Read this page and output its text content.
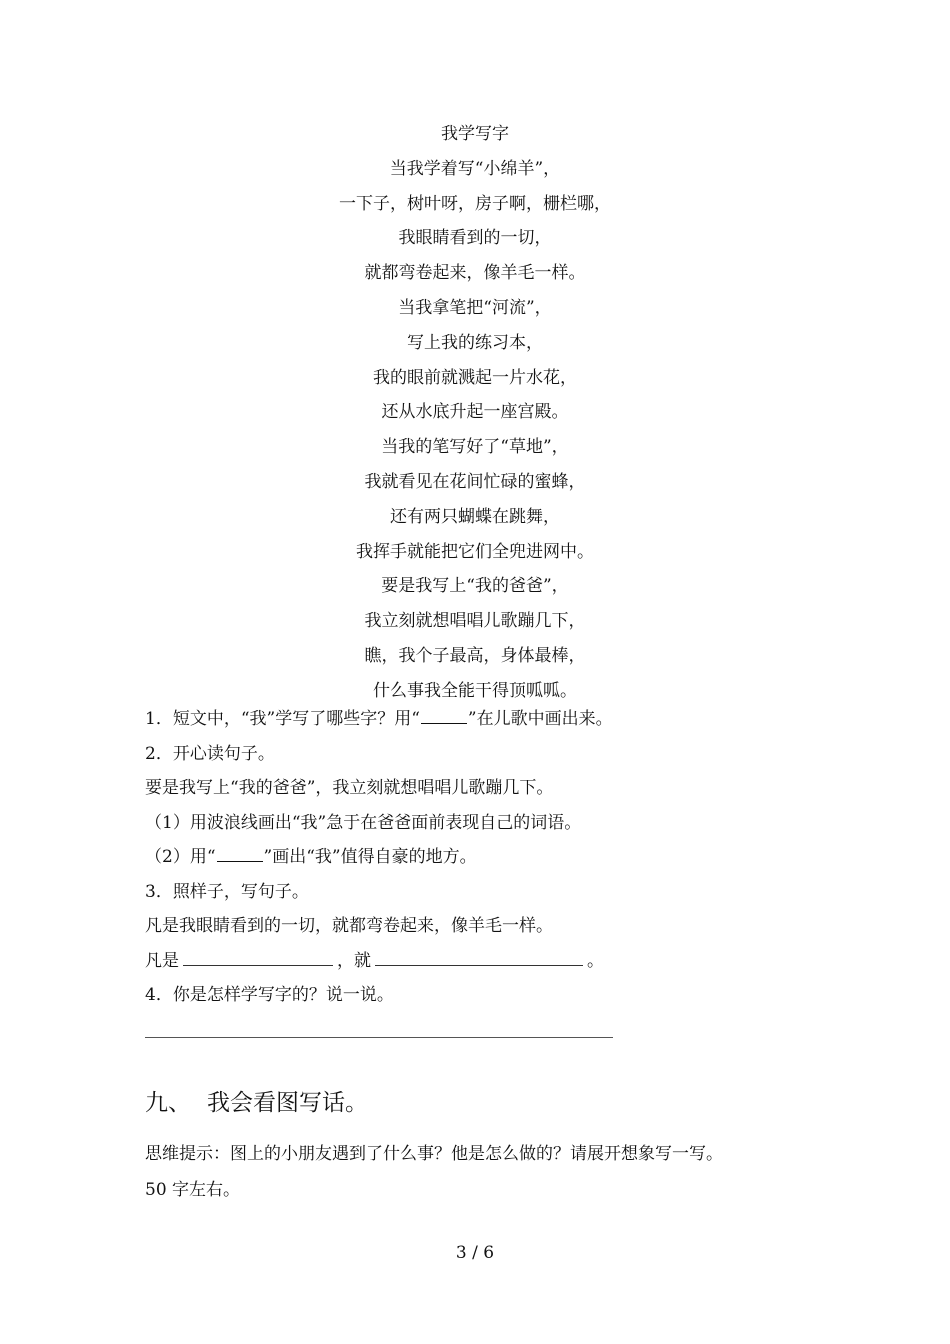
我学写字
当我学着写“小绵羊”，
一下子，树叶呀，房子啊，栅栏哪，
我眼睛看到的一切，
就都弯卷起来，像羊毛一样。
当我拿笔把“河流”，
写上我的练习本，
我的眼前就溅起一片水花，
还从水底升起一座宫殿。
当我的笔写好了“草地”，
我就看见在花间忙碌的蜜蜂，
还有两只蝴蝶在跳舞，
我挥手就能把它们全兜进网中。
要是我写上“我的爸爸”，
我立刻就想唱唱儿歌蹦几下，
瞧，我个子最高，身体最棒，
什么事我全能干得顶呱呱。
1．短文中，“我”学写了哪些字？用“	”在儿歌中画出来。
2．开心读句子。
要是我写上“我的爸爸”，我立刻就想唱唱儿歌蹦几下。
（1）用波浪线画出“我”急于在爸爸面前表现自己的词语。
（2）用“	”画出“我”值得自豪的地方。
3．照样子，写句子。
凡是我眼睛看到的一切，就都弯卷起来，像羊毛一样。
凡是	，就	。
4．你是怎样学写字的？说一说。
九、 我会看图写话。
思维提示：图上的小朋友遇到了什么事？他是怎么做的？请展开想象写一写。
50 字左右。
3 / 6
